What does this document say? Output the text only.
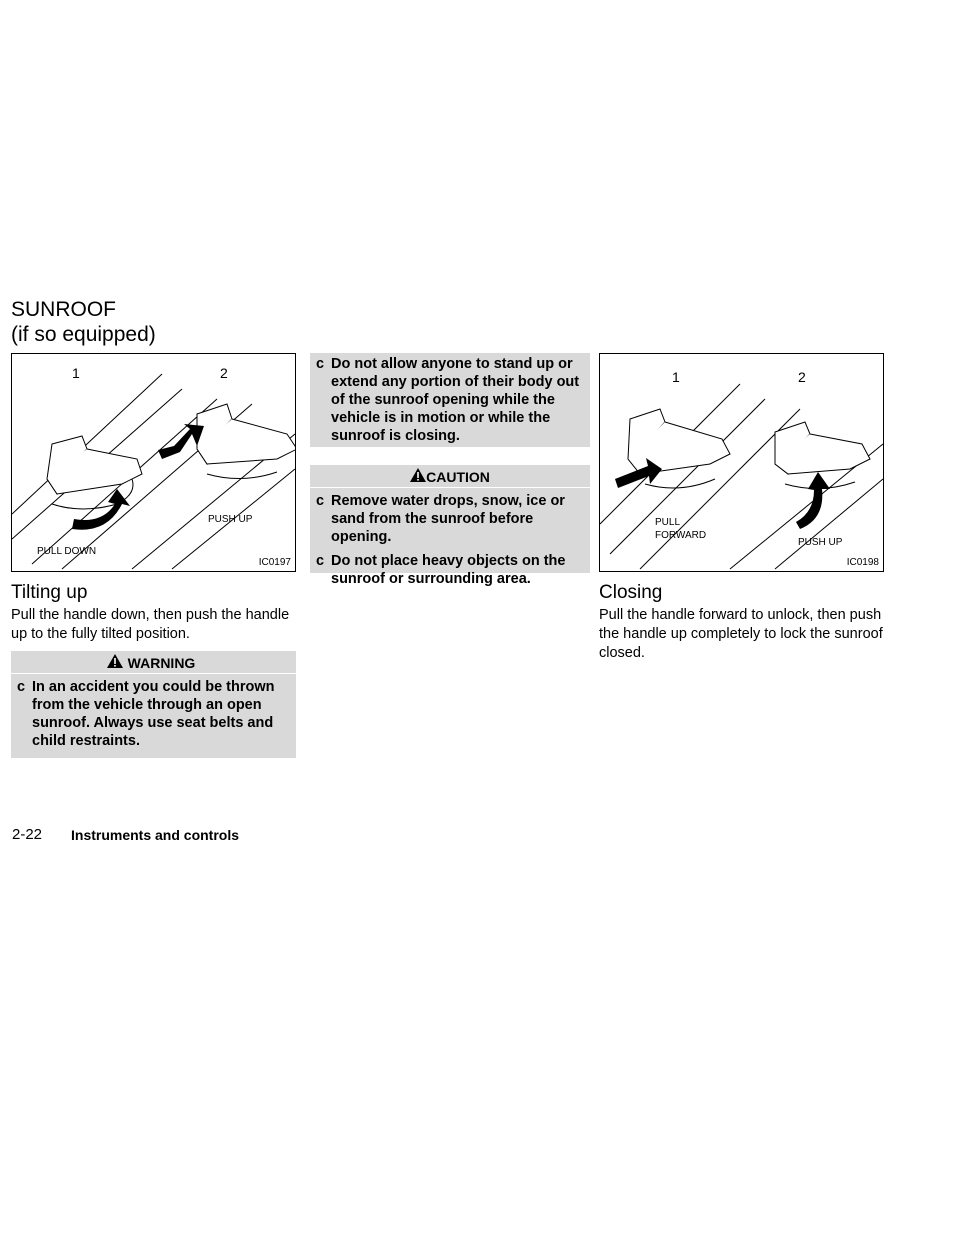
SUNROOF
(if so equipped)
1	2
PULL DOWN
PUSH UP
IC0197
Tilting up
Pull the handle down, then push the handle up to the fully tilted position.
WARNING
c In an accident you could be thrown from the vehicle through an open sunroof. Always use seat belts and child restraints.
c Do not allow anyone to stand up or extend any portion of their body out of the sunroof opening while the vehicle is in motion or while the sunroof is closing.
CAUTION
c Remove water drops, snow, ice or sand from the sunroof before opening.
c Do not place heavy objects on the sunroof or surrounding area.
1	2
PULL
FORWARD
PUSH UP
IC0198
Closing
Pull the handle forward to unlock, then push the handle up completely to lock the sunroof closed.
2-22 Instruments and controls
